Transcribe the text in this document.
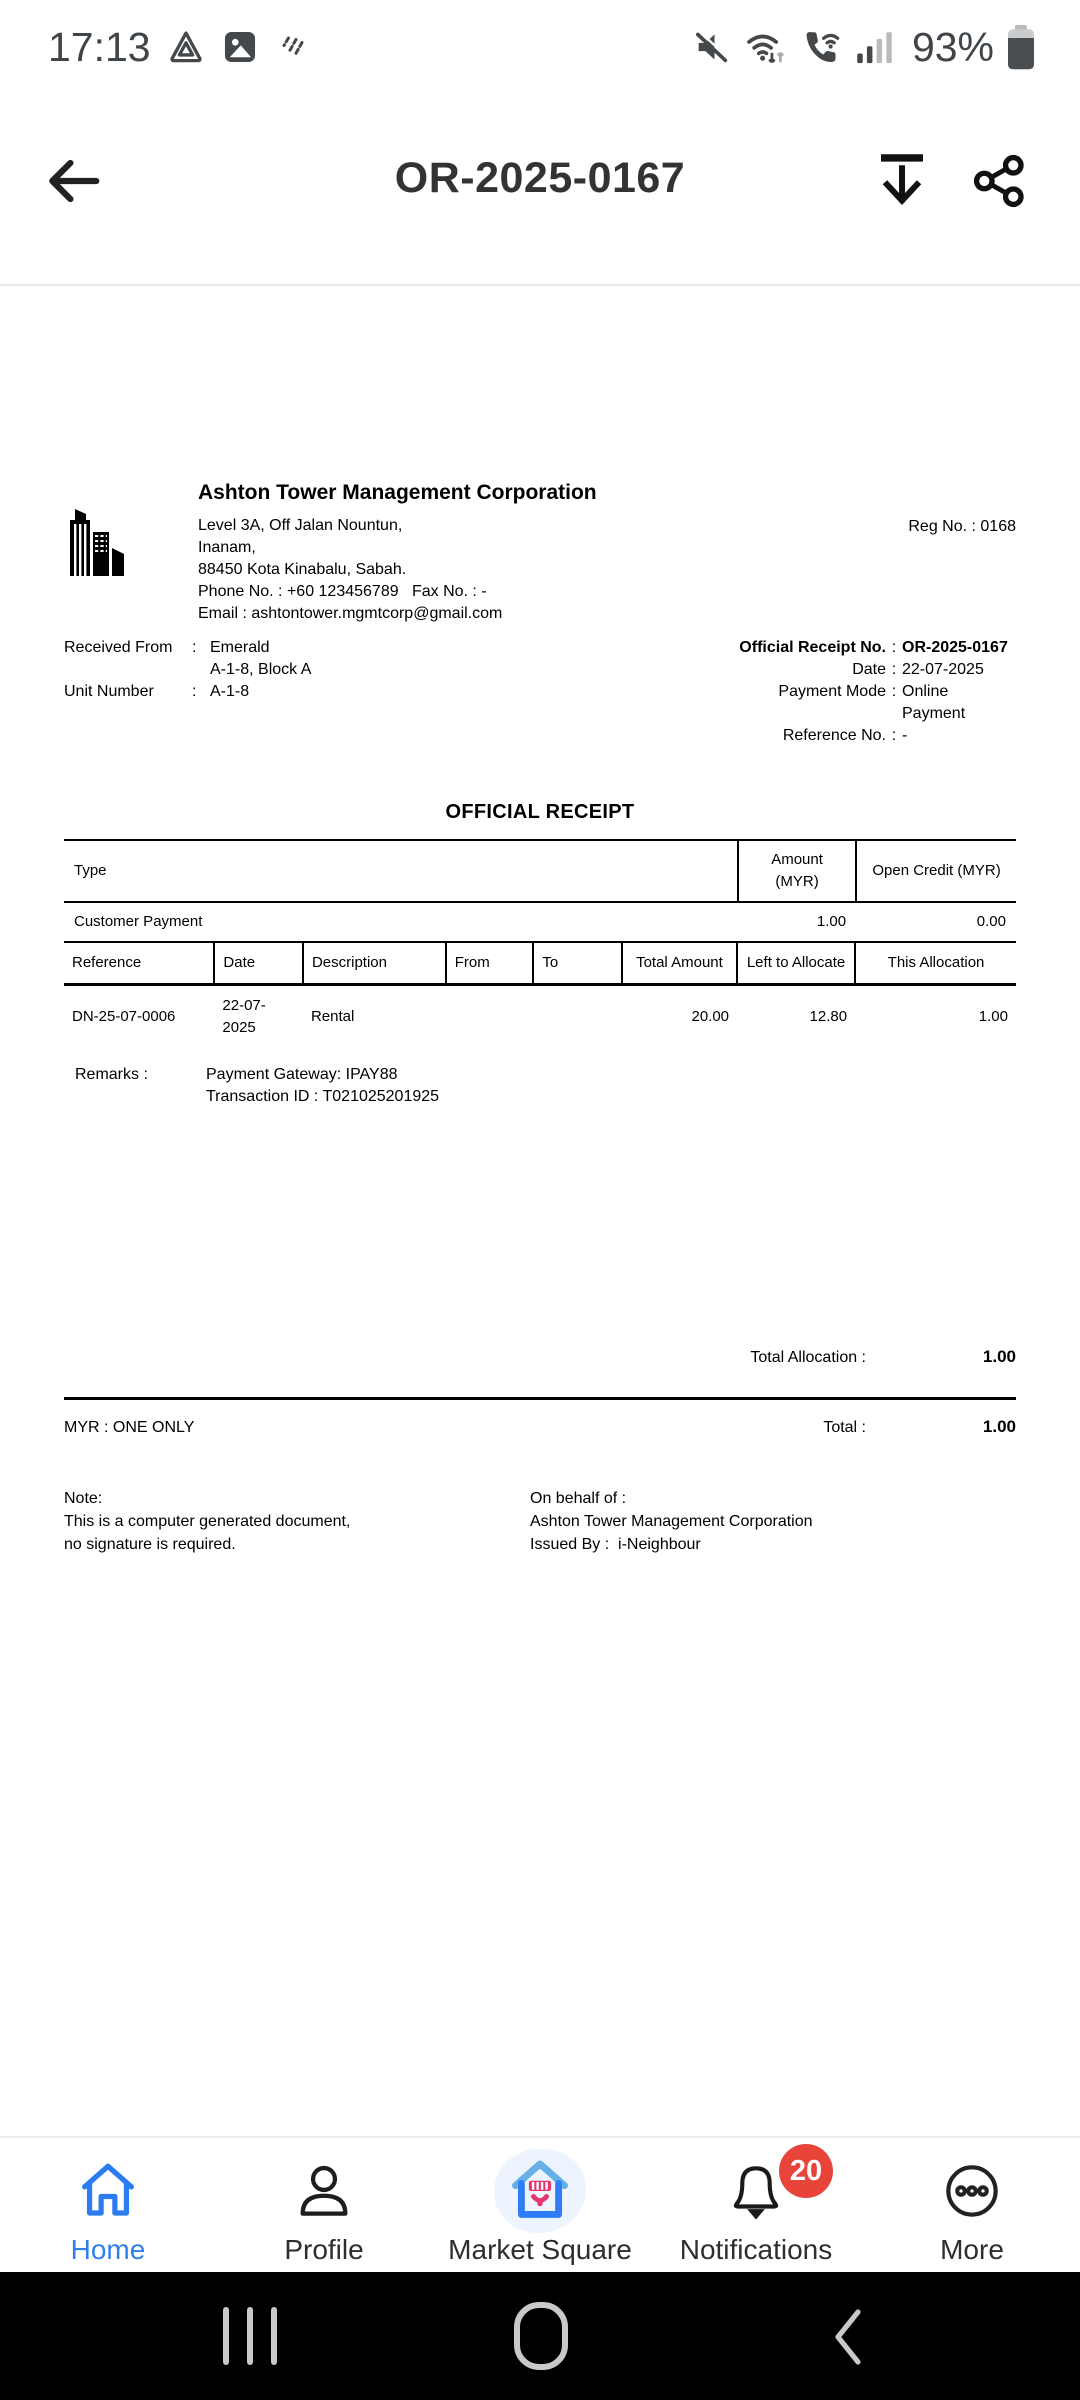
17:13	93%
OR-2025-0167
Ashton Tower Management Corporation
Level 3A, Off Jalan Nountun,
Inanam,
88450 Kota Kinabalu, Sabah.
Phone No. : +60 123456789   Fax No. : -
Email : ashtontower.mgmtcorp@gmail.com
Reg No. : 0168
Received From	: Emerald
A-1-8, Block A
Unit Number	: A-1-8
Official Receipt No. : OR-2025-0167
Date : 22-07-2025
Payment Mode : Online Payment
Reference No. : -
OFFICIAL RECEIPT
Type	Amount (MYR)	Open Credit (MYR)
Customer Payment	1.00	0.00
Reference	Date	Description	From	To	Total Amount	Left to Allocate	This Allocation
DN-25-07-0006	22-07-2025	Rental			20.00	12.80	1.00
Remarks :	Payment Gateway: IPAY88
Transaction ID : T021025201925
Total Allocation :	1.00
MYR : ONE ONLY	Total :	1.00
Note:
This is a computer generated document,
no signature is required.
On behalf of :
Ashton Tower Management Corporation
Issued By :  i-Neighbour
Home	Profile	Market Square
20
Notifications	More
